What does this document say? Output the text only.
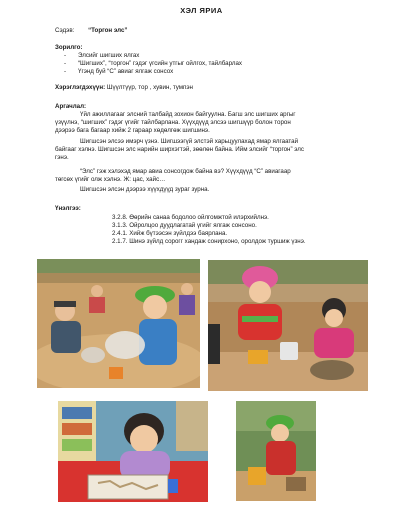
ХЭЛ ЯРИА
Сэдэв: “Торгон элс”
Зорилго:
- Элсийг шигших ялгах
- “Шигших”, “торгон” гэдэг үгсийн утгыг ойлгох, тайлбарлах
- Үгэнд буй “С” авиаг ялгаж сонсох
Хэрэглэгдэхүүн: Шүүлтүүр, тор , хувин, тумпэн
Аргачлал:
Үйл ажиллагааг элсний талбайд зохион байгуулна. Багш элс шигших аргыг
үзүүлнэ, “шигших” гэдэг үгийг тайлбарлана. Хүүхдүүд элсээ шигшүүр болон торон
дээрээ бага багаар хийж 2 гараар хөдөлгөж шигшинэ.
Шигшсэн элсээ имэрч үзнэ. Шигшээгүй элстэй харьцуулахад ямар ялгаатай
байгааг хэлнэ. Шигшсэн элс нарийн ширхэгтэй, зөөлөн байна. Ийм элсийг “торгон” элс
гэнэ.
“Элс” гэж хэлэхэд ямар авиа сонсогдож байна вэ? Хүүхдүүд “С” авиагаар
төгсөх үгийг олж хэлнэ. Ж: цас, хайс…
Шигшсэн элсэн дээрээ хүүхдүүд зураг зурна.
Үнэлгээ:
3.2.8. Өөрийн санаа бодолоо ойлгомжтой илэрхийлнэ.
3.1.3. Ойролцоо дуудлагатай үгийг ялгаж сонсоно.
2.4.1. Хийж бүтээсэн зүйлдээ баярлана.
2.1.7. Шинэ зүйлд сорогг хандаж сонирхоно, оролдож туршиж үзнэ.
